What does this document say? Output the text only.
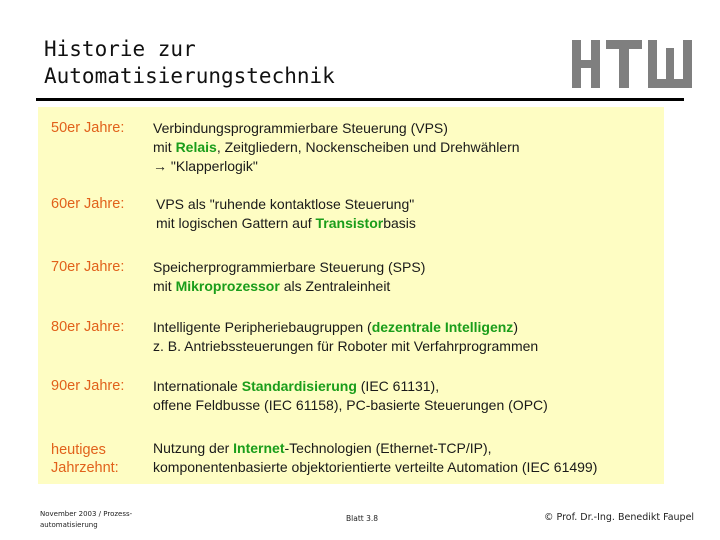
Historie zur
Automatisierungstechnik
50er Jahre: Verbindungsprogrammierbare Steuerung (VPS)
mit Relais, Zeitgliedern, Nockenscheiben und Drehwählern
→ "Klapperlogik"
60er Jahre: VPS als "ruhende kontaktlose Steuerung"
mit logischen Gattern auf Transistorbasis
70er Jahre: Speicherprogrammierbare Steuerung (SPS)
mit Mikroprozessor als Zentraleinheit
80er Jahre: Intelligente Peripheriebaugruppen (dezentrale Intelligenz)
z. B. Antriebssteuerungen für Roboter mit Verfahrprogrammen
90er Jahre: Internationale Standardisierung (IEC 61131),
offene Feldbusse (IEC 61158), PC-basierte Steuerungen (OPC)
heutiges
Jahrzehnt:
Nutzung der Internet-Technologien (Ethernet-TCP/IP),
komponentenbasierte objektorientierte verteilte Automation (IEC 61499)
November 2003 / Prozess-automatisierung
Blatt 3.8	© Prof. Dr.-Ing. Benedikt Faupel
